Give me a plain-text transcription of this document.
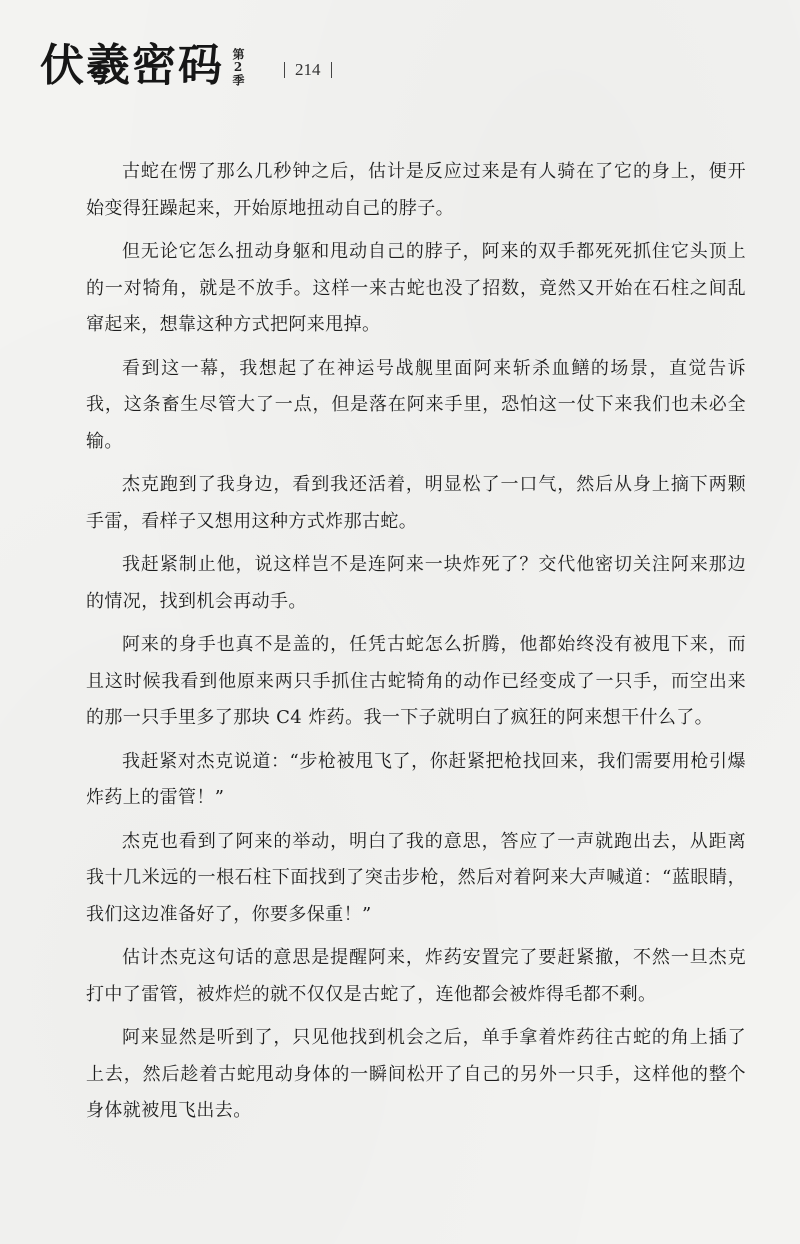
伏羲密码 第2季	214

古蛇在愣了那么几秒钟之后，估计是反应过来是有人骑在了它的身上，便开始变得狂躁起来，开始原地扭动自己的脖子。

但无论它怎么扭动身躯和甩动自己的脖子，阿来的双手都死死抓住它头顶上的一对犄角，就是不放手。这样一来古蛇也没了招数，竟然又开始在石柱之间乱窜起来，想靠这种方式把阿来甩掉。

看到这一幕，我想起了在神运号战舰里面阿来斩杀血鳝的场景，直觉告诉我，这条畜生尽管大了一点，但是落在阿来手里，恐怕这一仗下来我们也未必全输。

杰克跑到了我身边，看到我还活着，明显松了一口气，然后从身上摘下两颗手雷，看样子又想用这种方式炸那古蛇。

我赶紧制止他，说这样岂不是连阿来一块炸死了？交代他密切关注阿来那边的情况，找到机会再动手。

阿来的身手也真不是盖的，任凭古蛇怎么折腾，他都始终没有被甩下来，而且这时候我看到他原来两只手抓住古蛇犄角的动作已经变成了一只手，而空出来的那一只手里多了那块 C4 炸药。我一下子就明白了疯狂的阿来想干什么了。

我赶紧对杰克说道：“步枪被甩飞了，你赶紧把枪找回来，我们需要用枪引爆炸药上的雷管！”

杰克也看到了阿来的举动，明白了我的意思，答应了一声就跑出去，从距离我十几米远的一根石柱下面找到了突击步枪，然后对着阿来大声喊道：“蓝眼睛，我们这边准备好了，你要多保重！”

估计杰克这句话的意思是提醒阿来，炸药安置完了要赶紧撤，不然一旦杰克打中了雷管，被炸烂的就不仅仅是古蛇了，连他都会被炸得毛都不剩。

阿来显然是听到了，只见他找到机会之后，单手拿着炸药往古蛇的角上插了上去，然后趁着古蛇甩动身体的一瞬间松开了自己的另外一只手，这样他的整个身体就被甩飞出去。
